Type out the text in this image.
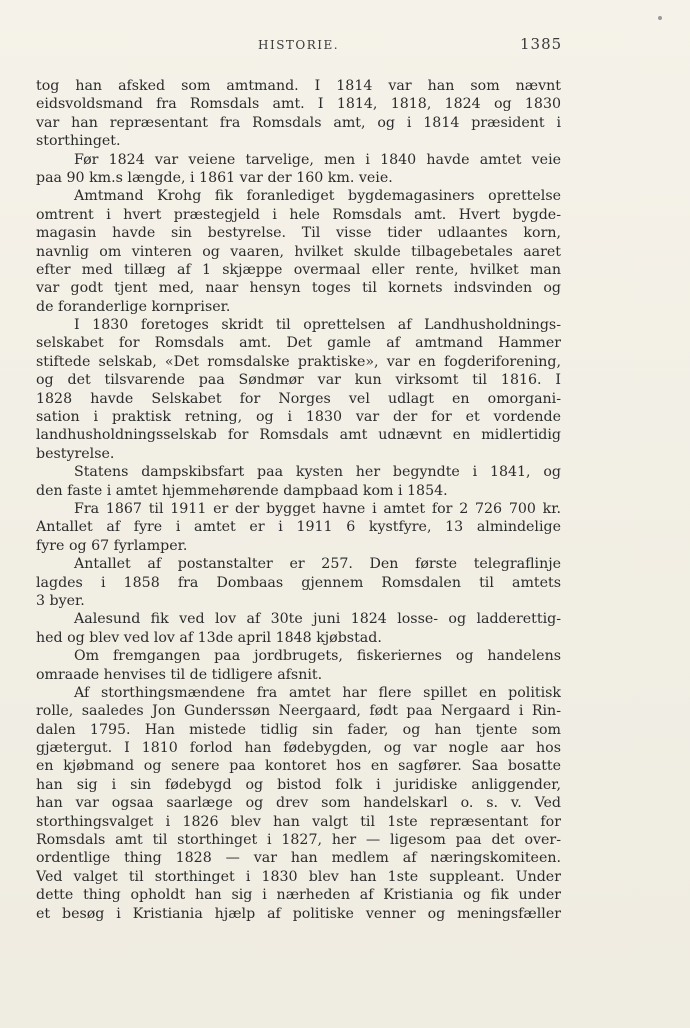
HISTORIE.	1385
tog han afsked som amtmand. I 1814 var han som nævnt
eidsvoldsmand fra Romsdals amt. I 1814, 1818, 1824 og 1830
var han repræsentant fra Romsdals amt, og i 1814 præsident i
storthinget.
Før 1824 var veiene tarvelige, men i 1840 havde amtet veie
paa 90 km.s længde, i 1861 var der 160 km. veie.
Amtmand Krohg fik foranlediget bygdemagasiners oprettelse
omtrent i hvert præstegjeld i hele Romsdals amt. Hvert bygde-
magasin havde sin bestyrelse. Til visse tider udlaantes korn,
navnlig om vinteren og vaaren, hvilket skulde tilbagebetales aaret
efter med tillæg af 1 skjæppe overmaal eller rente, hvilket man
var godt tjent med, naar hensyn toges til kornets indsvinden og
de foranderlige kornpriser.
I 1830 foretoges skridt til oprettelsen af Landhusholdnings-
selskabet for Romsdals amt. Det gamle af amtmand Hammer
stiftede selskab, «Det romsdalske praktiske», var en fogderiforening,
og det tilsvarende paa Søndmør var kun virksomt til 1816. I
1828 havde Selskabet for Norges vel udlagt en omorgani-
sation i praktisk retning, og i 1830 var der for et vordende
landhusholdningsselskab for Romsdals amt udnævnt en midlertidig
bestyrelse.
Statens dampskibsfart paa kysten her begyndte i 1841, og
den faste i amtet hjemmehørende dampbaad kom i 1854.
Fra 1867 til 1911 er der bygget havne i amtet for 2 726 700 kr.
Antallet af fyre i amtet er i 1911 6 kystfyre, 13 almindelige
fyre og 67 fyrlamper.
Antallet af postanstalter er 257. Den første telegraflinje
lagdes i 1858 fra Dombaas gjennem Romsdalen til amtets
3 byer.
Aalesund fik ved lov af 30te juni 1824 losse- og ladderettig-
hed og blev ved lov af 13de april 1848 kjøbstad.
Om fremgangen paa jordbrugets, fiskeriernes og handelens
omraade henvises til de tidligere afsnit.
Af storthingsmændene fra amtet har flere spillet en politisk
rolle, saaledes Jon Gunderssøn Neergaard, født paa Nergaard i Rin-
dalen 1795. Han mistede tidlig sin fader, og han tjente som
gjætergut. I 1810 forlod han fødebygden, og var nogle aar hos
en kjøbmand og senere paa kontoret hos en sagfører. Saa bosatte
han sig i sin fødebygd og bistod folk i juridiske anliggender,
han var ogsaa saarlæge og drev som handelskarl o. s. v. Ved
storthingsvalget i 1826 blev han valgt til 1ste repræsentant for
Romsdals amt til storthinget i 1827, her — ligesom paa det over-
ordentlige thing 1828 — var han medlem af næringskomiteen.
Ved valget til storthinget i 1830 blev han 1ste suppleant. Under
dette thing opholdt han sig i nærheden af Kristiania og fik under
et besøg i Kristiania hjælp af politiske venner og meningsfæller
